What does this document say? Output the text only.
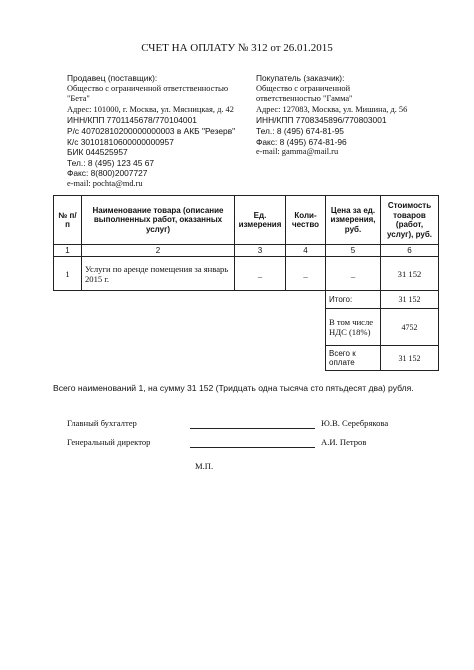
СЧЕТ НА ОПЛАТУ № 312 от 26.01.2015
Продавец (поставщик):
Общество с ограниченной ответственностью
"Бета"
Адрес: 101000, г. Москва, ул. Мясницкая, д. 42
ИНН/КПП 7701145678/770104001
Р/с 40702810200000000003 в АКБ "Резерв"
К/с 30101810600000000957
БИК 044525957
Тел.: 8 (495) 123 45 67
Факс: 8(800)2007727
e-mail: pochta@md.ru
Покупатель (заказчик):
Общество с ограниченной
ответственностью "Гамма"
Адрес: 127083, Москва, ул. Мишина, д. 56
ИНН/КПП 7708345896/770803001
Тел.: 8 (495) 674-81-95
Факс: 8 (495) 674-81-96
e-mail: gamma@mail.ru
№ п/п	Наименование товара (описание выполненных работ, оказанных услуг)	Ед. измерения	Коли-чество	Цена за ед. измерения, руб.	Стоимость товаров (работ, услуг), руб.
1	2	3	4	5	6
1	Услуги по аренде помещения за январь 2015 г.	_	_	_	31 152
				Итого:	31 152
				В том числе НДС (18%)	4752
				Всего к оплате	31 152
Всего наименований 1, на сумму 31 152 (Тридцать одна тысяча сто пятьдесят два) рубля.
Главный бухгалтер	Ю.В. Серебрякова
Генеральный директор	А.И. Петров
М.П.
